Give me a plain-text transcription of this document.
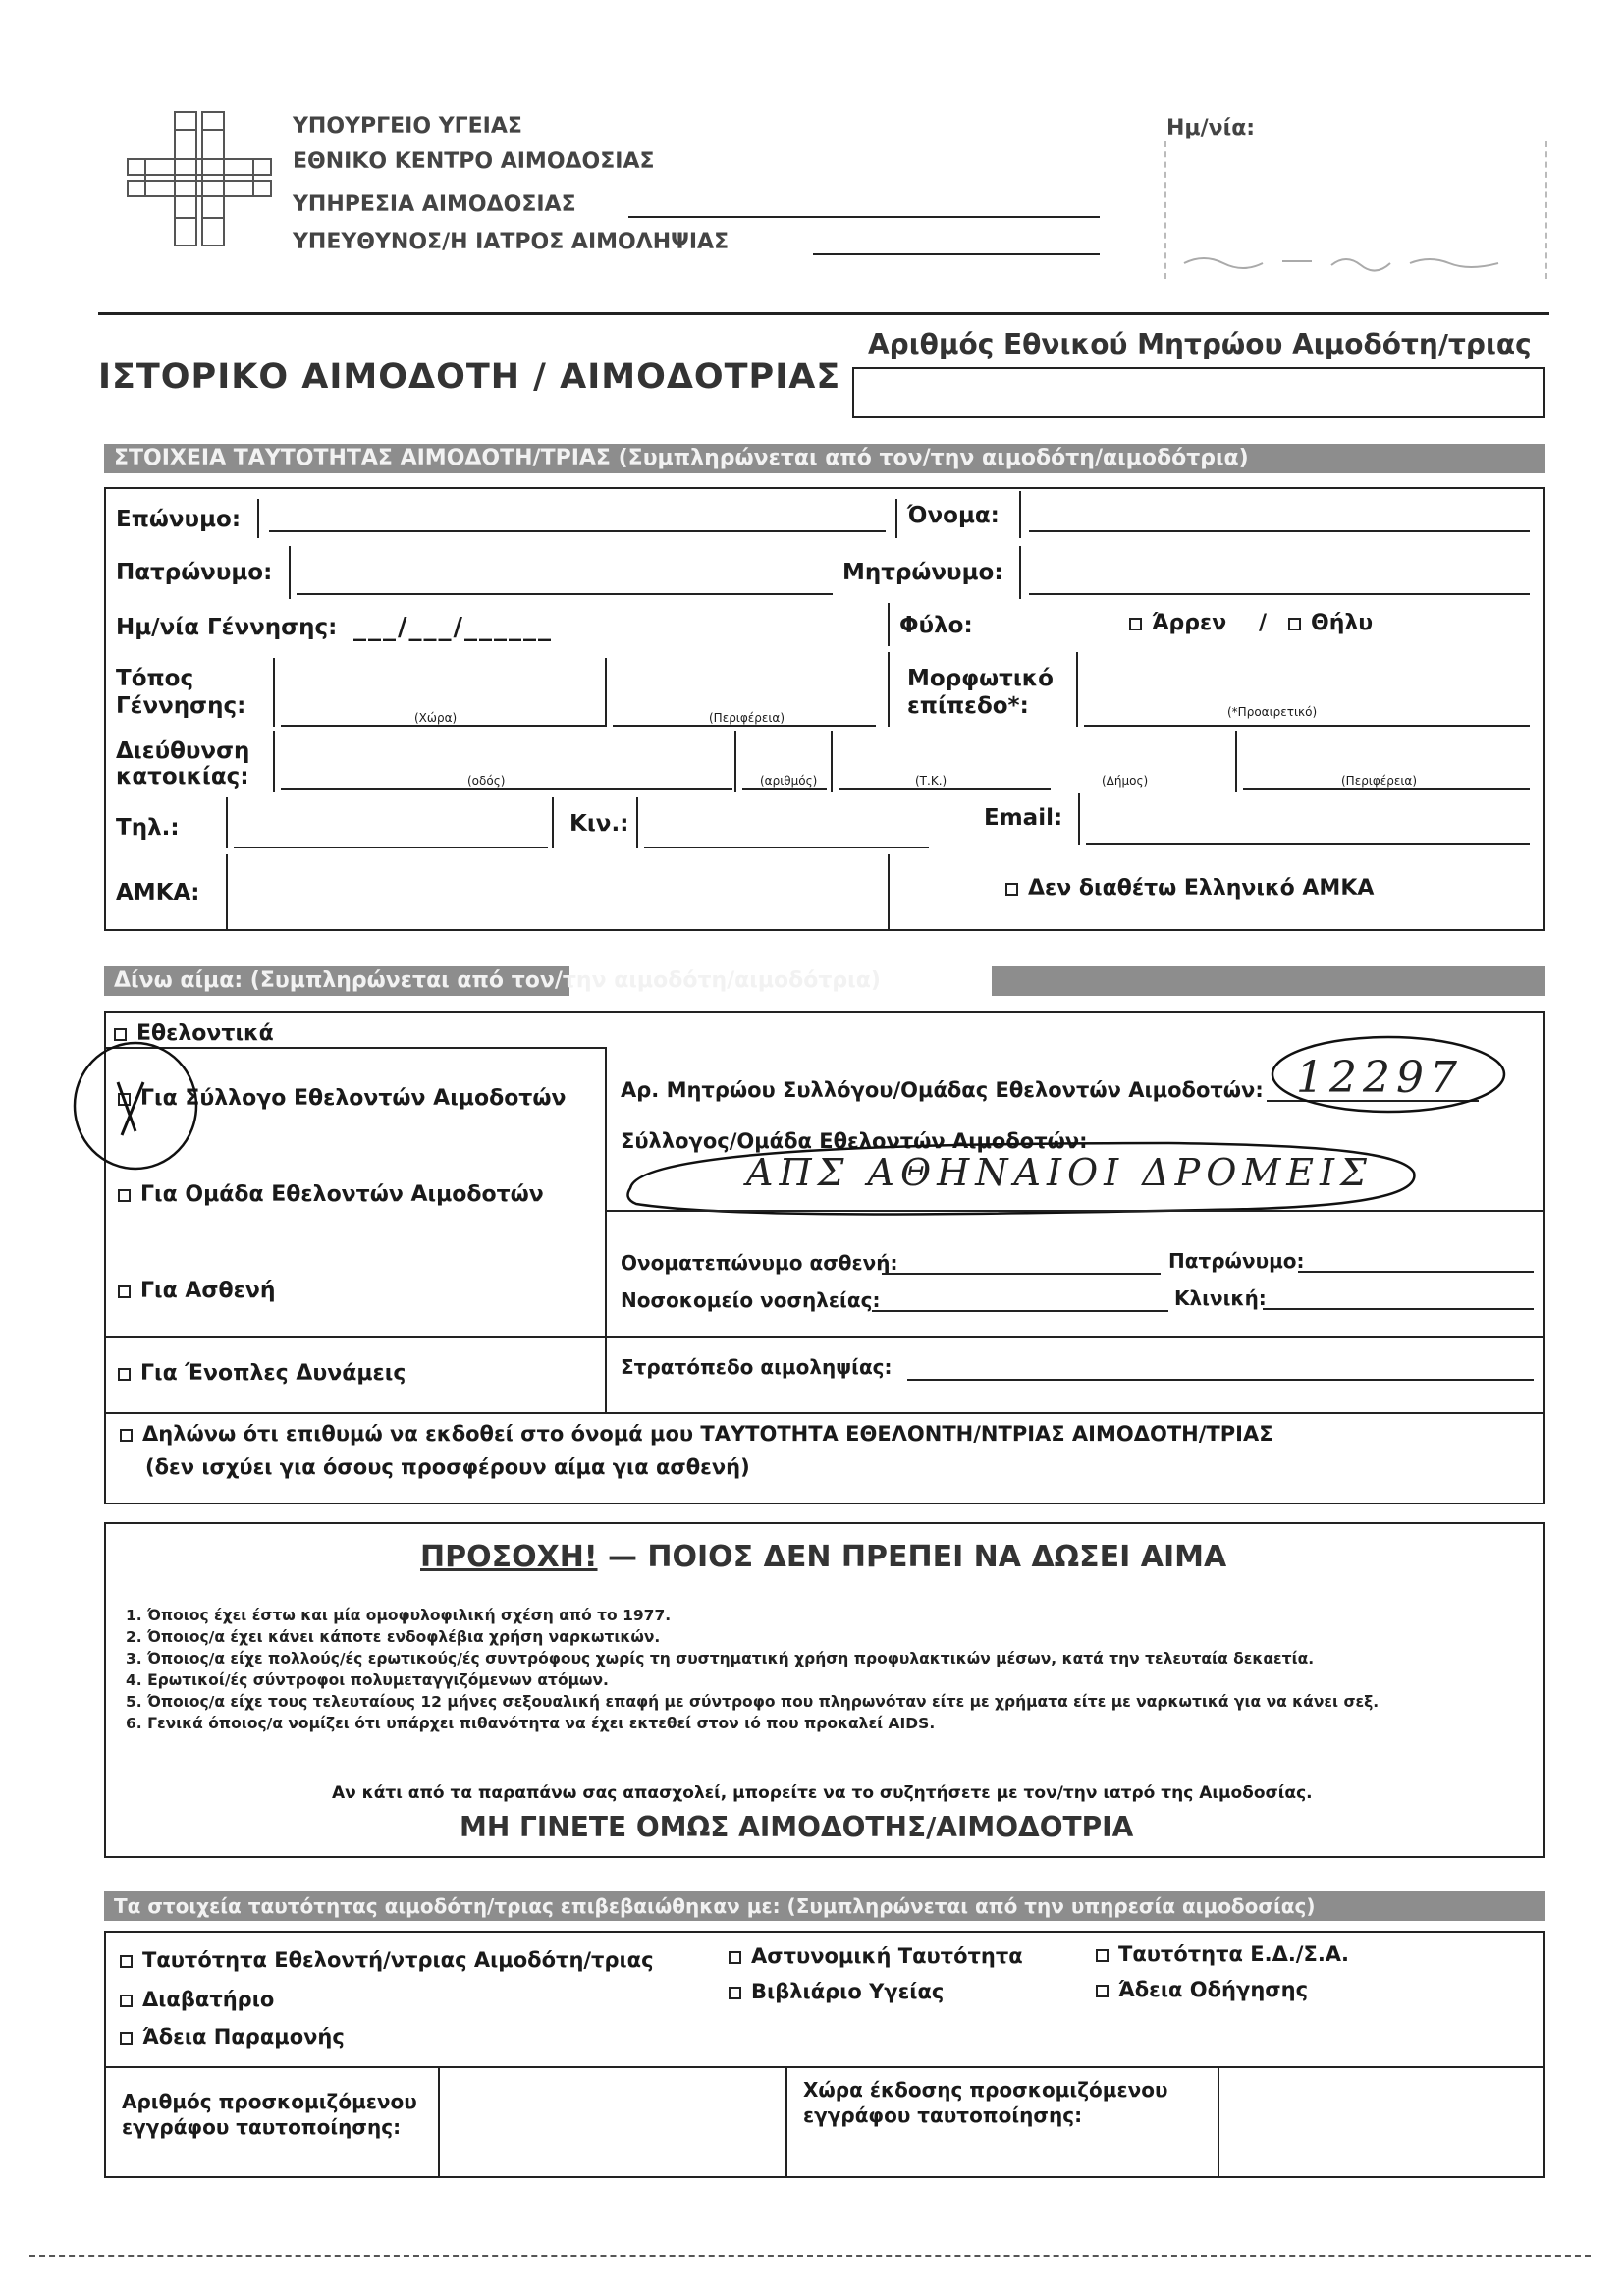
ΥΠΟΥΡΓΕΙΟ ΥΓΕΙΑΣ
ΕΘΝΙΚΟ ΚΕΝΤΡΟ ΑΙΜΟΔΟΣΙΑΣ
ΥΠΗΡΕΣΙΑ ΑΙΜΟΔΟΣΙΑΣ
ΥΠΕΥΘΥΝΟΣ/Η ΙΑΤΡΟΣ ΑΙΜΟΛΗΨΙΑΣ
Ημ/νία:
ΙΣΤΟΡΙΚΟ ΑΙΜΟΔΟΤΗ / ΑΙΜΟΔΟΤΡΙΑΣ
Αριθμός Εθνικού Μητρώου Αιμοδότη/τριας
ΣΤΟΙΧΕΙΑ ΤΑΥΤΟΤΗΤΑΣ ΑΙΜΟΔΟΤΗ/ΤΡΙΑΣ (Συμπληρώνεται από τον/την αιμοδότη/αιμοδότρια)
Επώνυμο:	Όνομα:
Πατρώνυμο:	Μητρώνυμο:
Ημ/νία Γέννησης: ___/___/______	Φύλο:	Άρρεν /	Θήλυ
Τόπος
Γέννησης:	(Χώρα)	(Περιφέρεια)
Μορφωτικό
επίπεδο*:	(*Προαιρετικό)
Διεύθυνση
κατοικίας:	(οδός)	(αριθμός)	(Τ.Κ.)	(Δήμος)	(Περιφέρεια)
Τηλ.:	Κιν.:	Email:
ΑΜΚΑ:	Δεν διαθέτω Ελληνικό ΑΜΚΑ
Δίνω αίμα: (Συμπληρώνεται από τον/την αιμοδότη/αιμοδότρια)
Εθελοντικά
Για Σύλλογο Εθελοντών Αιμοδοτών
Για Ομάδα Εθελοντών Αιμοδοτών
Αρ. Μητρώου Συλλόγου/Ομάδας Εθελοντών Αιμοδοτών: 12297
Σύλλογος/Ομάδα Εθελοντών Αιμοδοτών:
ΑΠΣ ΑΘΗΝΑΙΟΙ ΔΡΟΜΕΙΣ
Για Ασθενή
Ονοματεπώνυμο ασθενή:	Πατρώνυμο:
Νοσοκομείο νοσηλείας:	Κλινική:
Για Ένοπλες Δυνάμεις	Στρατόπεδο αιμοληψίας:
Δηλώνω ότι επιθυμώ να εκδοθεί στο όνομά μου ΤΑΥΤΟΤΗΤΑ ΕΘΕΛΟΝΤΗ/ΝΤΡΙΑΣ ΑΙΜΟΔΟΤΗ/ΤΡΙΑΣ
(δεν ισχύει για όσους προσφέρουν αίμα για ασθενή)
ΠΡΟΣΟΧΗ! — ΠΟΙΟΣ ΔΕΝ ΠΡΕΠΕΙ ΝΑ ΔΩΣΕΙ ΑΙΜΑ
1. Όποιος έχει έστω και μία ομοφυλοφιλική σχέση από το 1977.
2. Όποιος/α έχει κάνει κάποτε ενδοφλέβια χρήση ναρκωτικών.
3. Όποιος/α είχε πολλούς/ές ερωτικούς/ές συντρόφους χωρίς τη συστηματική χρήση προφυλακτικών μέσων, κατά την τελευταία δεκαετία.
4. Ερωτικοί/ές σύντροφοι πολυμεταγγιζόμενων ατόμων.
5. Όποιος/α είχε τους τελευταίους 12 μήνες σεξουαλική επαφή με σύντροφο που πληρωνόταν είτε με χρήματα είτε με ναρκωτικά για να κάνει σεξ.
6. Γενικά όποιος/α νομίζει ότι υπάρχει πιθανότητα να έχει εκτεθεί στον ιό που προκαλεί AIDS.
Αν κάτι από τα παραπάνω σας απασχολεί, μπορείτε να το συζητήσετε με τον/την ιατρό της Αιμοδοσίας.
ΜΗ ΓΙΝΕΤΕ ΟΜΩΣ ΑΙΜΟΔΟΤΗΣ/ΑΙΜΟΔΟΤΡΙΑ
Τα στοιχεία ταυτότητας αιμοδότη/τριας επιβεβαιώθηκαν με: (Συμπληρώνεται από την υπηρεσία αιμοδοσίας)
Ταυτότητα Εθελοντή/ντριας Αιμοδότη/τριας	Αστυνομική Ταυτότητα	Ταυτότητα Ε.Δ./Σ.Α.
Διαβατήριο	Βιβλιάριο Υγείας	Άδεια Οδήγησης
Άδεια Παραμονής
Αριθμός προσκομιζόμενου
εγγράφου ταυτοποίησης:
Χώρα έκδοσης προσκομιζόμενου
εγγράφου ταυτοποίησης:
